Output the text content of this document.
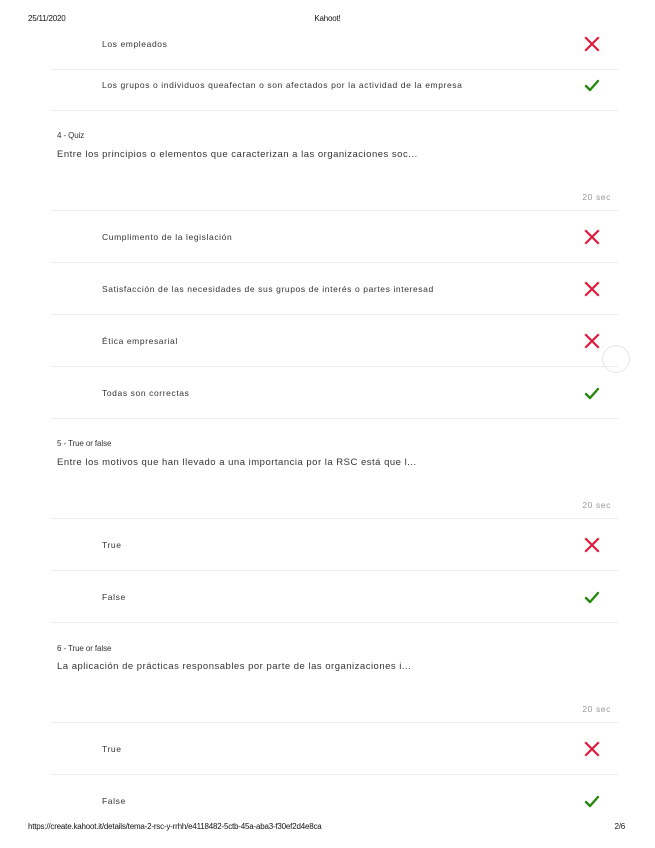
25/11/2020	Kahoot!
Los empleados
Los grupos o individuos queafectan o son afectados por la actividad de la empresa
4 - Quiz
Entre los principios o elementos que caracterizan a las organizaciones soc...
20 sec
Cumplimento de la legislación
Satisfacción de las necesidades de sus grupos de interés o partes interesad
Ética empresarial
Todas son correctas
5 - True or false
Entre los motivos que han llevado a una importancia por la RSC está que l...
20 sec
True
False
6 - True or false
La aplicación de prácticas responsables por parte de las organizaciones i...
20 sec
True
False
https://create.kahoot.it/details/tema-2-rsc-y-rrhh/e4118482-5ctb-45a-aba3-f30ef2d4e8ca	2/6
